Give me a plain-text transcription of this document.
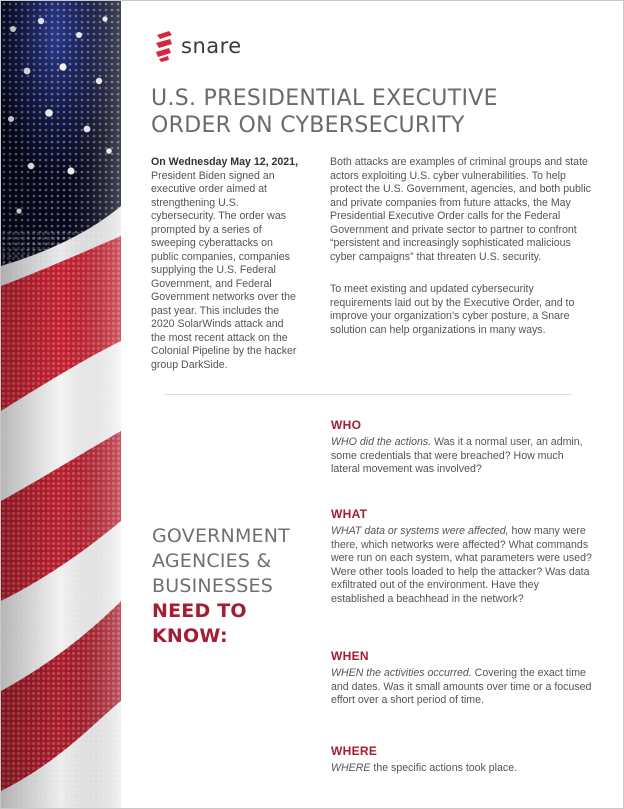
snare
U.S. PRESIDENTIAL EXECUTIVE
ORDER ON CYBERSECURITY
On Wednesday May 12, 2021, President Biden signed an executive order aimed at strengthening U.S. cybersecurity. The order was prompted by a series of sweeping cyberattacks on public companies, companies supplying the U.S. Federal Government, and Federal Government networks over the past year. This includes the 2020 SolarWinds attack and the most recent attack on the Colonial Pipeline by the hacker group DarkSide.

Both attacks are examples of criminal groups and state actors exploiting U.S. cyber vulnerabilities. To help protect the U.S. Government, agencies, and both public and private companies from future attacks, the May Presidential Executive Order calls for the Federal Government and private sector to partner to confront “persistent and increasingly sophisticated malicious cyber campaigns” that threaten U.S. security.

To meet existing and updated cybersecurity requirements laid out by the Executive Order, and to improve your organization’s cyber posture, a Snare solution can help organizations in many ways.

GOVERNMENT
AGENCIES &
BUSINESSES
NEED TO
KNOW:
WHO

WHO did the actions. Was it a normal user, an admin, some credentials that were breached? How much lateral movement was involved?

WHAT

WHAT data or systems were affected, how many were there, which networks were affected? What commands were run on each system, what parameters were used? Were other tools loaded to help the attacker? Was data exfiltrated out of the environment. Have they established a beachhead in the network?

WHEN

WHEN the activities occurred. Covering the exact time and dates. Was it small amounts over time or a focused effort over a short period of time.

WHERE

WHERE the specific actions took place.
